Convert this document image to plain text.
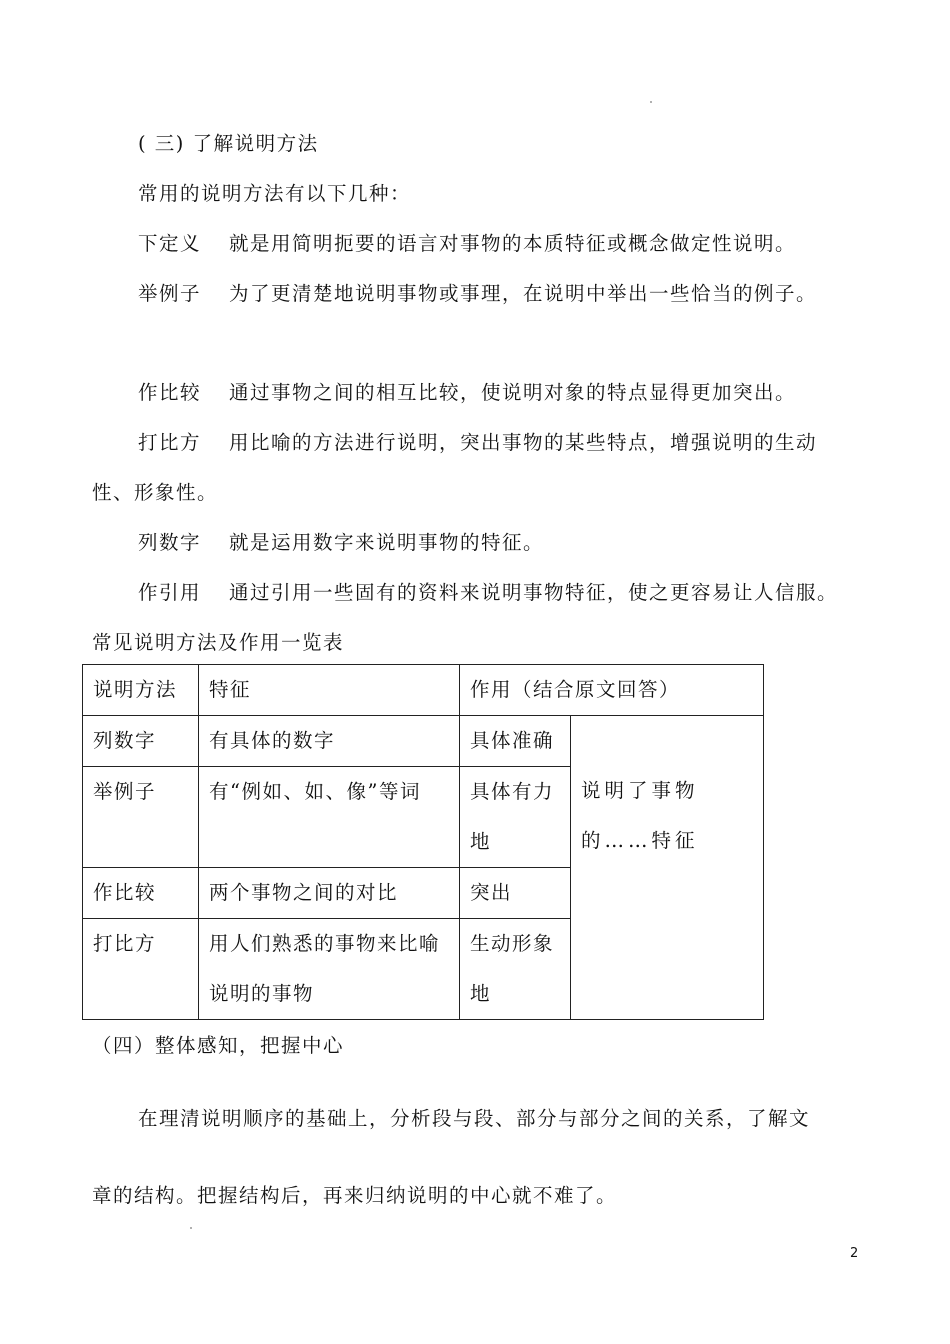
( 三) 了解说明方法
常用的说明方法有以下几种：
下定义 就是用简明扼要的语言对事物的本质特征或概念做定性说明。
举例子 为了更清楚地说明事物或事理，在说明中举出一些恰当的例子。
作比较 通过事物之间的相互比较，使说明对象的特点显得更加突出。
打比方 用比喻的方法进行说明，突出事物的某些特点，增强说明的生动
性、形象性。
列数字 就是运用数字来说明事物的特征。
作引用 通过引用一些固有的资料来说明事物特征，使之更容易让人信服。
常见说明方法及作用一览表
说明方法	特征	作用（结合原文回答）	
列数字	有具体的数字	具体准确	说明了事物的……特征
举例子	有“例如、如、像”等词	具体有力地	
作比较	两个事物之间的对比	突出	
打比方	用人们熟悉的事物来比喻说明的事物	生动形象地	
（四）整体感知，把握中心
在理清说明顺序的基础上，分析段与段、部分与部分之间的关系，了解文
章的结构。把握结构后，再来归纳说明的中心就不难了。
2
